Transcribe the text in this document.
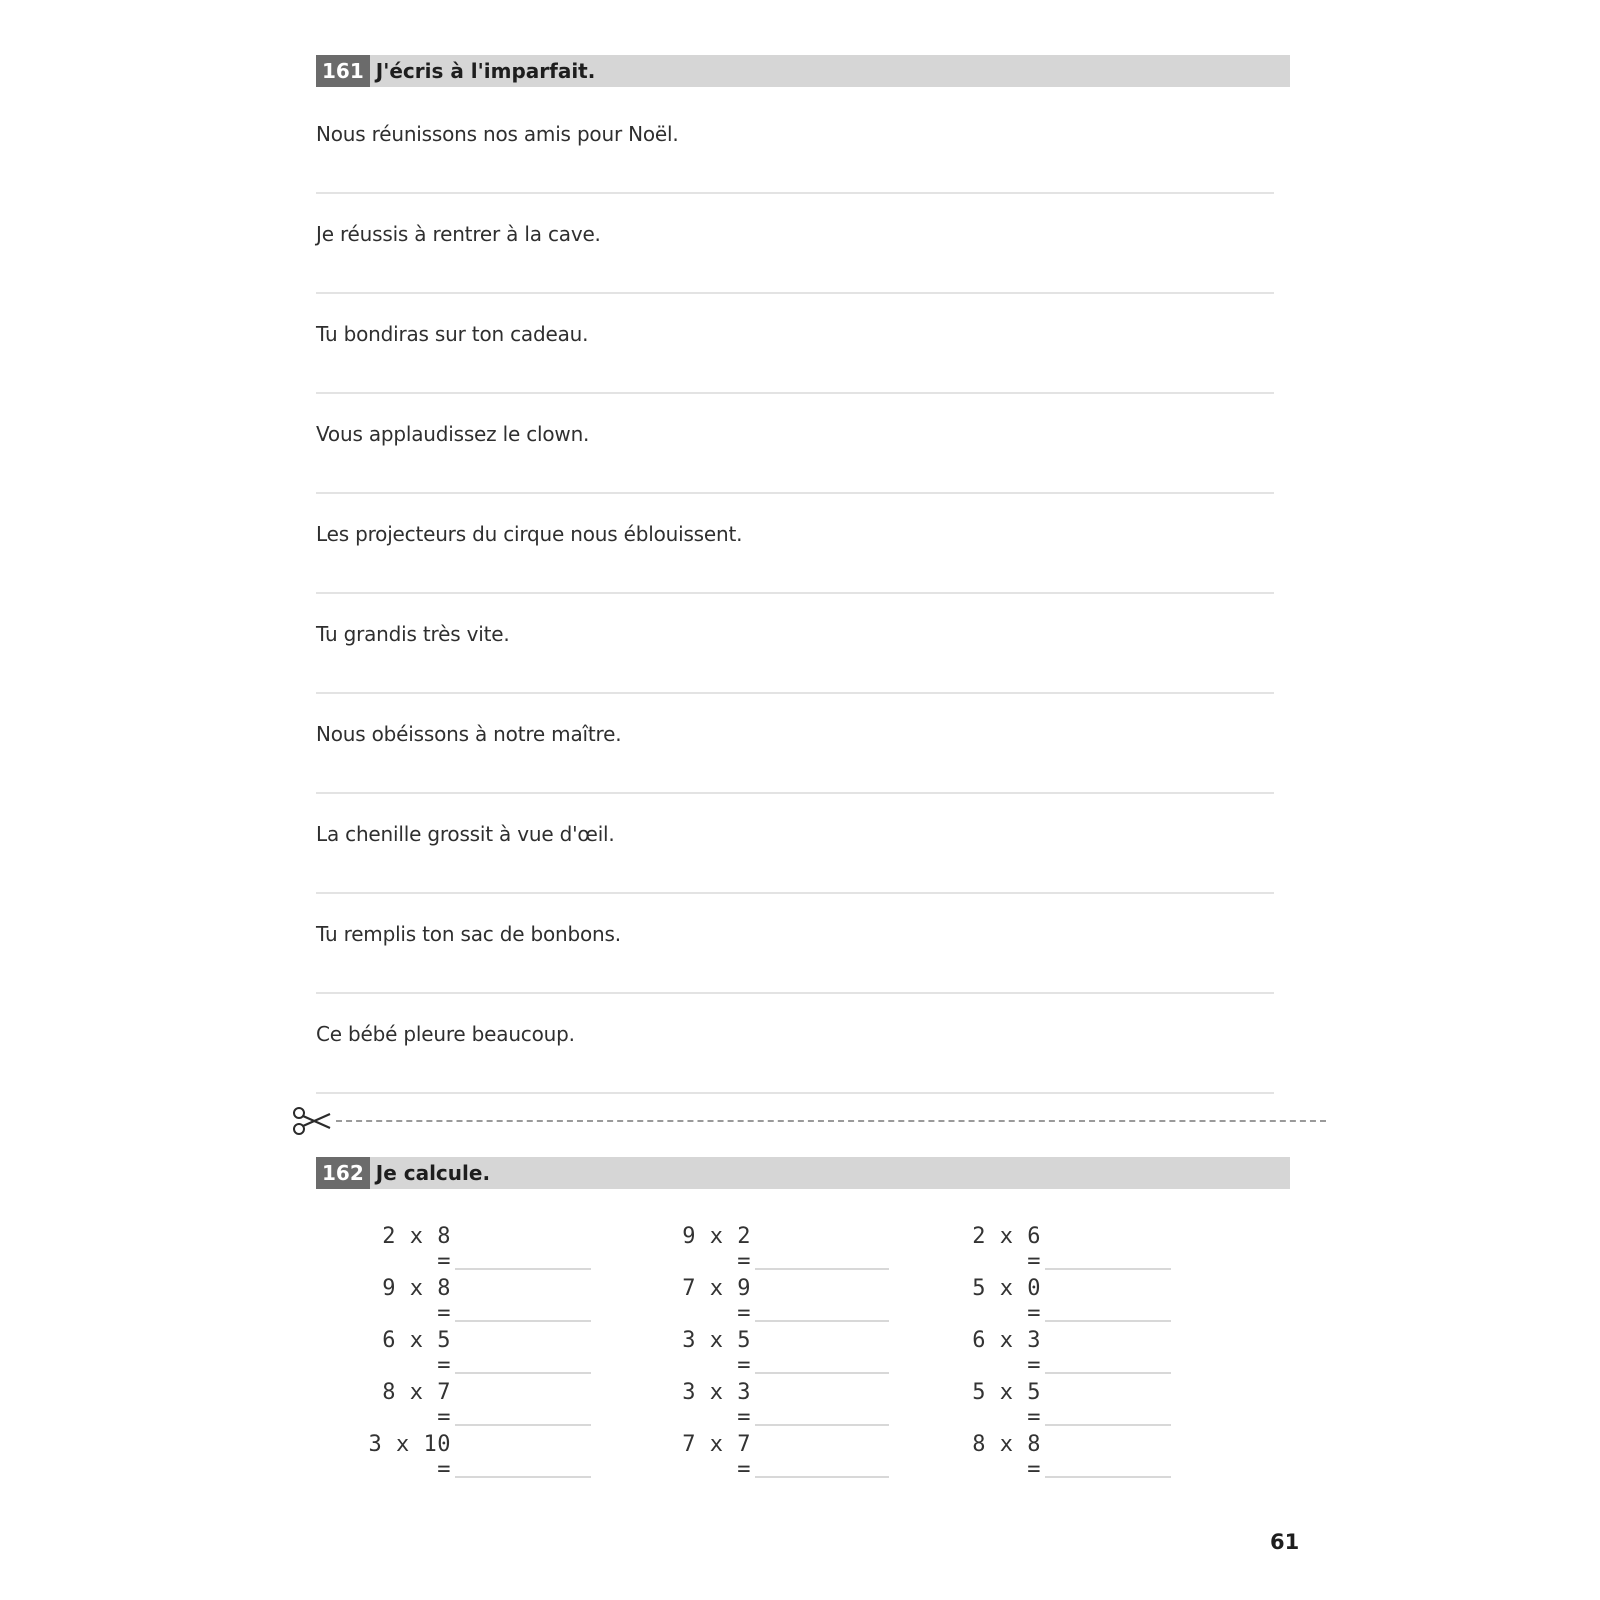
161 J'écris à l'imparfait.
Nous réunissons nos amis pour Noël.
Je réussis à rentrer à la cave.
Tu bondiras sur ton cadeau.
Vous applaudissez le clown.
Les projecteurs du cirque nous éblouissent.
Tu grandis très vite.
Nous obéissons à notre maître.
La chenille grossit à vue d'œil.
Tu remplis ton sac de bonbons.
Ce bébé pleure beaucoup.
162 Je calcule.
2 x 8 =
9 x 8 =
6 x 5 =
8 x 7 =
3 x 10 =
9 x 2 =
7 x 9 =
3 x 5 =
3 x 3 =
7 x 7 =
2 x 6 =
5 x 0 =
6 x 3 =
5 x 5 =
8 x 8 =
61
